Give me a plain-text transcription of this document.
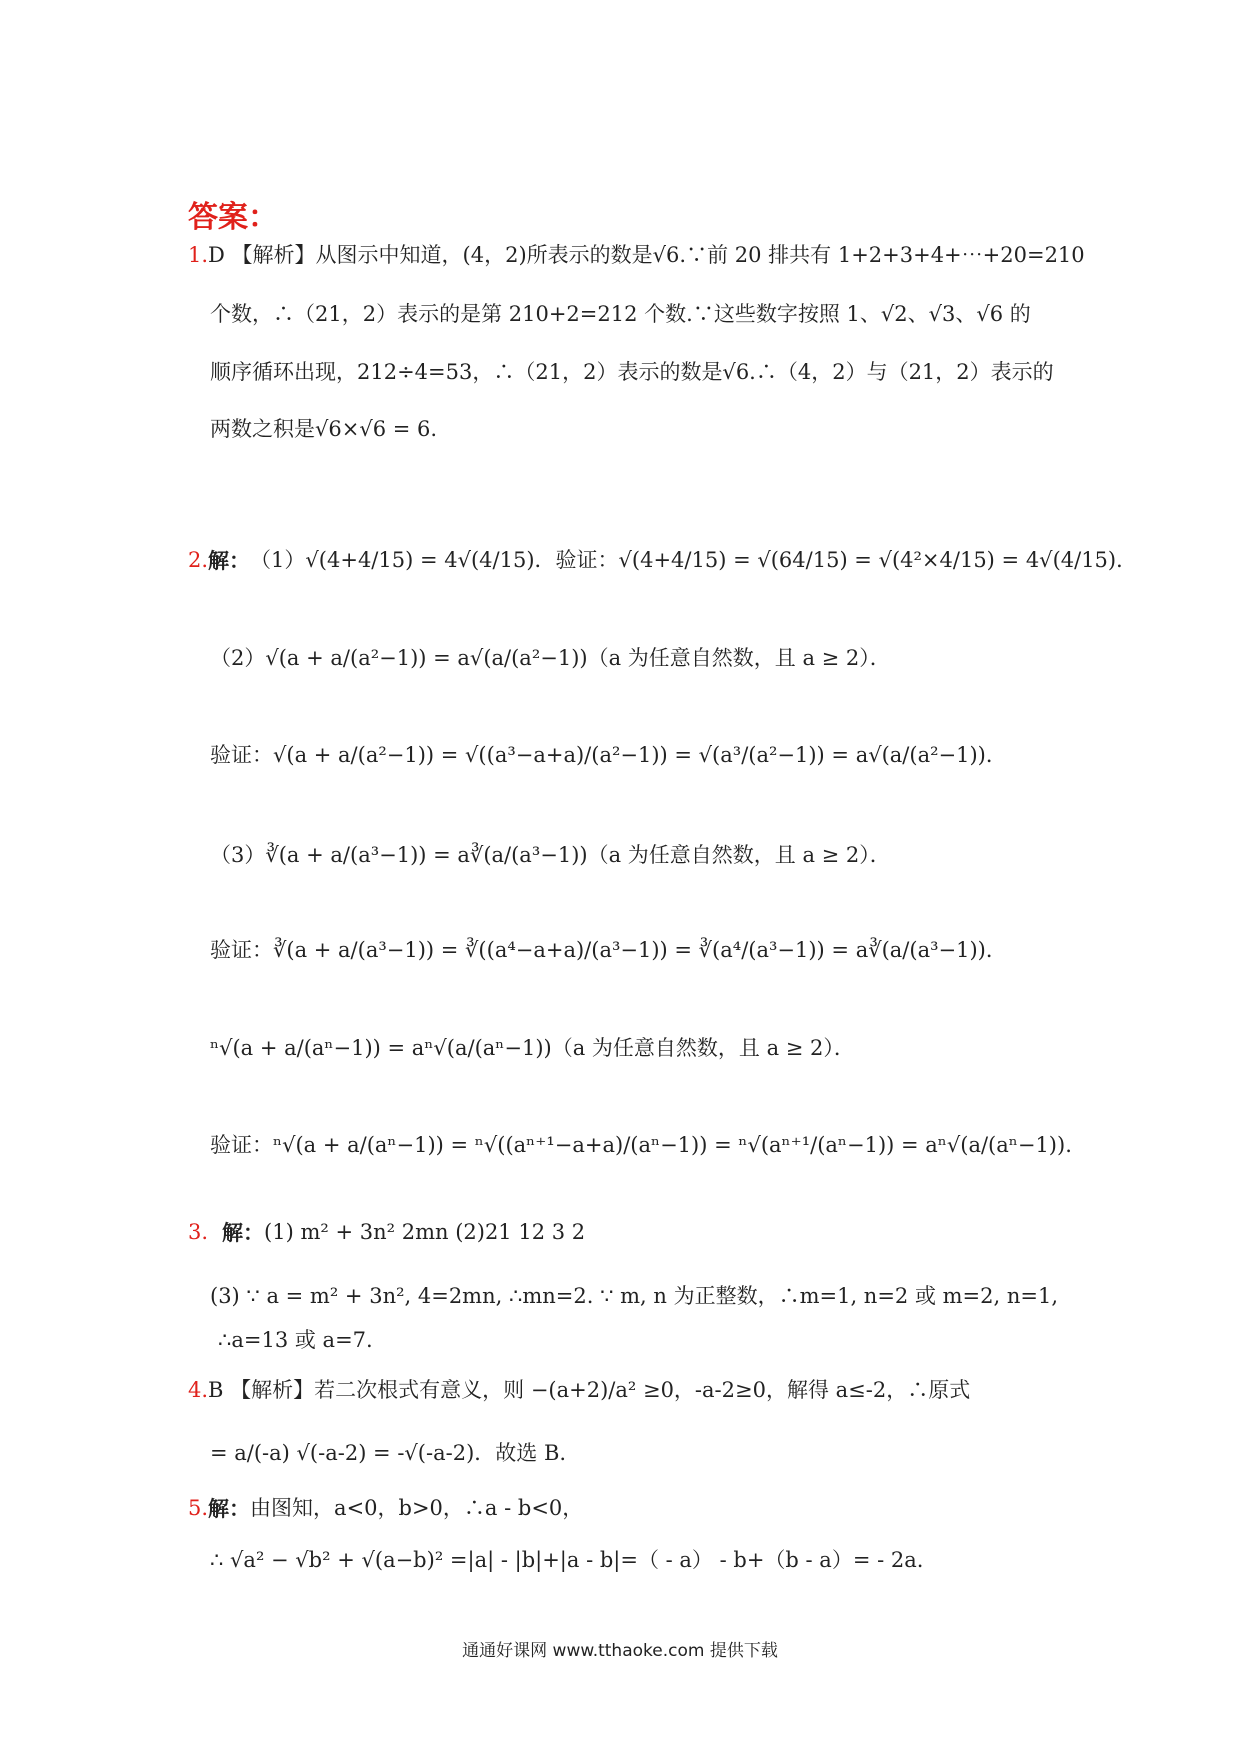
答案：
1. D 【解析】从图示中知道，(4，2)所表示的数是√6.∵前 20 排共有 1+2+3+4+⋯+20=210
个数，∴（21，2）表示的是第 210+2=212 个数.∵这些数字按照 1、√2、√3、√6 的
顺序循环出现，212÷4=53，∴（21，2）表示的数是√6.∴（4，2）与（21，2）表示的
两数之积是√6×√6 = 6.
2. 解： （1）√(4+4/15) = 4√(4/15)．验证：√(4+4/15) = √(64/15) = √(4²×4/15) = 4√(4/15)．
（2）√(a + a/(a²−1)) = a√(a/(a²−1))（a 为任意自然数，且 a ≥ 2）．
验证：√(a + a/(a²−1)) = √((a³−a+a)/(a²−1)) = √(a³/(a²−1)) = a√(a/(a²−1))．
（3）∛(a + a/(a³−1)) = a∛(a/(a³−1))（a 为任意自然数，且 a ≥ 2）．
验证：∛(a + a/(a³−1)) = ∛((a⁴−a+a)/(a³−1)) = ∛(a⁴/(a³−1)) = a∛(a/(a³−1))．
ⁿ√(a + a/(aⁿ−1)) = aⁿ√(a/(aⁿ−1))（a 为任意自然数，且 a ≥ 2）．
验证：ⁿ√(a + a/(aⁿ−1)) = ⁿ√((aⁿ⁺¹−a+a)/(aⁿ−1)) = ⁿ√(aⁿ⁺¹/(aⁿ−1)) = aⁿ√(a/(aⁿ−1)).
3. 解： (1) m² + 3n² 2mn (2)21 12 3 2
(3) ∵ a = m² + 3n², 4=2mn, ∴mn=2. ∵ m, n 为正整数，∴m=1, n=2 或 m=2, n=1,
∴a=13 或 a=7.
4. B 【解析】若二次根式有意义，则 −(a+2)/a² ≥0，-a-2≥0，解得 a≤-2，∴原式
= a/(-a) √(-a-2) = -√(-a-2)．故选 B.
5. 解： 由图知，a<0，b>0，∴a - b<0，
∴ √a² − √b² + √(a−b)² =|a| - |b|+|a - b|=（ - a） - b+（b - a）= - 2a.
通通好课网 www.tthaoke.com 提供下载
